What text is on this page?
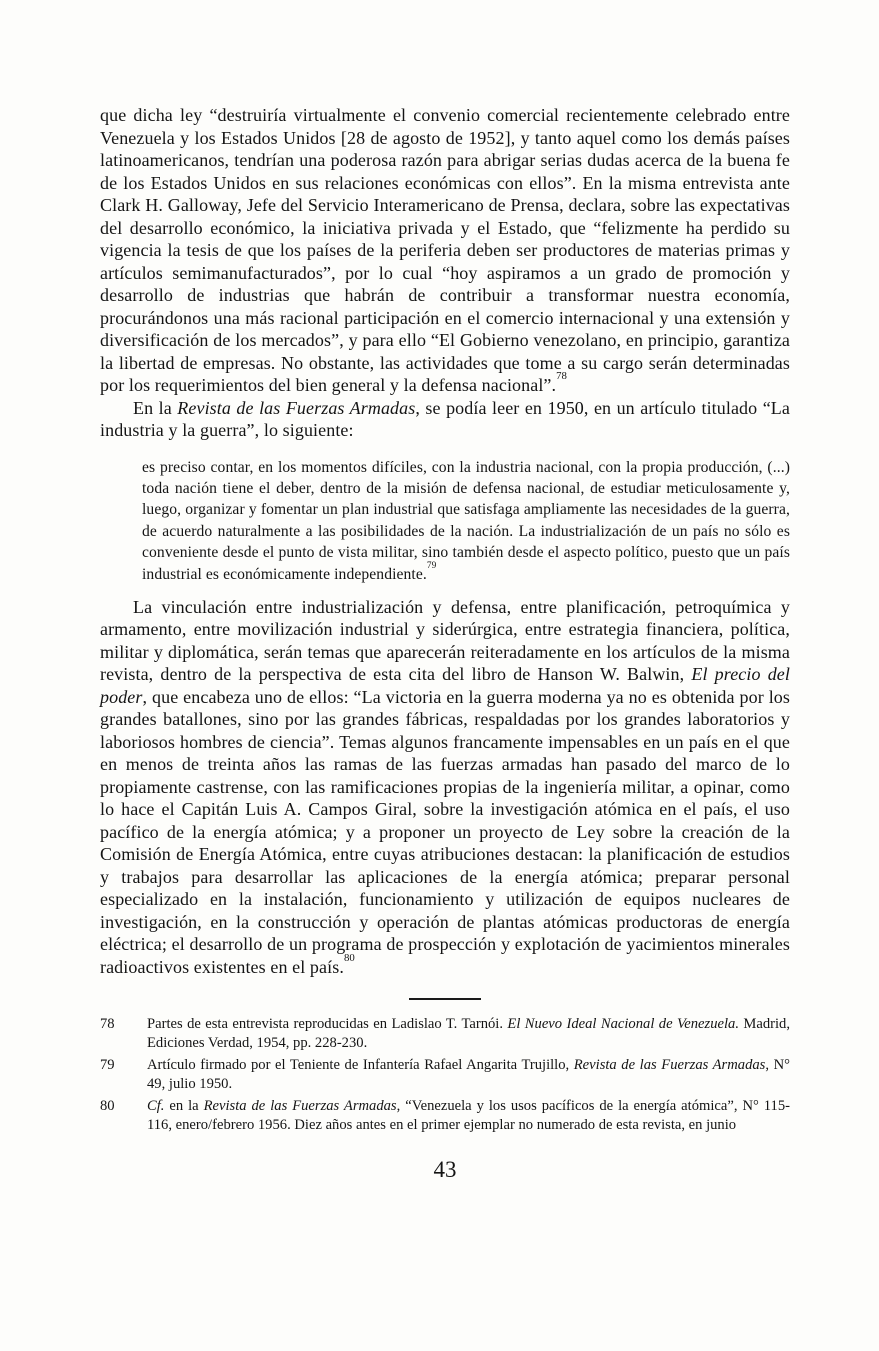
que dicha ley “destruiría virtualmente el convenio comercial recientemente celebrado entre Venezuela y los Estados Unidos [28 de agosto de 1952], y tanto aquel como los demás países latinoamericanos, tendrían una poderosa razón para abrigar serias dudas acerca de la buena fe de los Estados Unidos en sus relaciones económicas con ellos”. En la misma entrevista ante Clark H. Galloway, Jefe del Servicio Interamericano de Prensa, declara, sobre las expectativas del desarrollo económico, la iniciativa privada y el Estado, que “felizmente ha perdido su vigencia la tesis de que los países de la periferia deben ser productores de materias primas y artículos semimanufacturados”, por lo cual “hoy aspiramos a un grado de promoción y desarrollo de industrias que habrán de contribuir a transformar nuestra economía, procurándonos una más racional participación en el comercio internacional y una extensión y diversificación de los mercados”, y para ello “El Gobierno venezolano, en principio, garantiza la libertad de empresas. No obstante, las actividades que tome a su cargo serán determinadas por los requerimientos del bien general y la defensa nacional”.$^{78}$

En la Revista de las Fuerzas Armadas, se podía leer en 1950, en un artículo titulado “La industria y la guerra”, lo siguiente:

es preciso contar, en los momentos difíciles, con la industria nacional, con la propia producción, (...) toda nación tiene el deber, dentro de la misión de defensa nacional, de estudiar meticulosamente y, luego, organizar y fomentar un plan industrial que satisfaga ampliamente las necesidades de la guerra, de acuerdo naturalmente a las posibilidades de la nación. La industrialización de un país no sólo es conveniente desde el punto de vista militar, sino también desde el aspecto político, puesto que un país industrial es económicamente independiente.$^{79}$

La vinculación entre industrialización y defensa, entre planificación, petroquímica y armamento, entre movilización industrial y siderúrgica, entre estrategia financiera, política, militar y diplomática, serán temas que aparecerán reiteradamente en los artículos de la misma revista, dentro de la perspectiva de esta cita del libro de Hanson W. Balwin, El precio del poder, que encabeza uno de ellos: “La victoria en la guerra moderna ya no es obtenida por los grandes batallones, sino por las grandes fábricas, respaldadas por los grandes laboratorios y laboriosos hombres de ciencia”. Temas algunos francamente impensables en un país en el que en menos de treinta años las ramas de las fuerzas armadas han pasado del marco de lo propiamente castrense, con las ramificaciones propias de la ingeniería militar, a opinar, como lo hace el Capitán Luis A. Campos Giral, sobre la investigación atómica en el país, el uso pacífico de la energía atómica; y a proponer un proyecto de Ley sobre la creación de la Comisión de Energía Atómica, entre cuyas atribuciones destacan: la planificación de estudios y trabajos para desarrollar las aplicaciones de la energía atómica; preparar personal especializado en la instalación, funcionamiento y utilización de equipos nucleares de investigación, en la construcción y operación de plantas atómicas productoras de energía eléctrica; el desarrollo de un programa de prospección y explotación de yacimientos minerales radioactivos existentes en el país.$^{80}$

78 Partes de esta entrevista reproducidas en Ladislao T. Tarnói. El Nuevo Ideal Nacional de Venezuela. Madrid, Ediciones Verdad, 1954, pp. 228-230.
79 Artículo firmado por el Teniente de Infantería Rafael Angarita Trujillo, Revista de las Fuerzas Armadas, N° 49, julio 1950.
80 Cf. en la Revista de las Fuerzas Armadas, “Venezuela y los usos pacíficos de la energía atómica”, N° 115-116, enero/febrero 1956. Diez años antes en el primer ejemplar no numerado de esta revista, en junio
43
